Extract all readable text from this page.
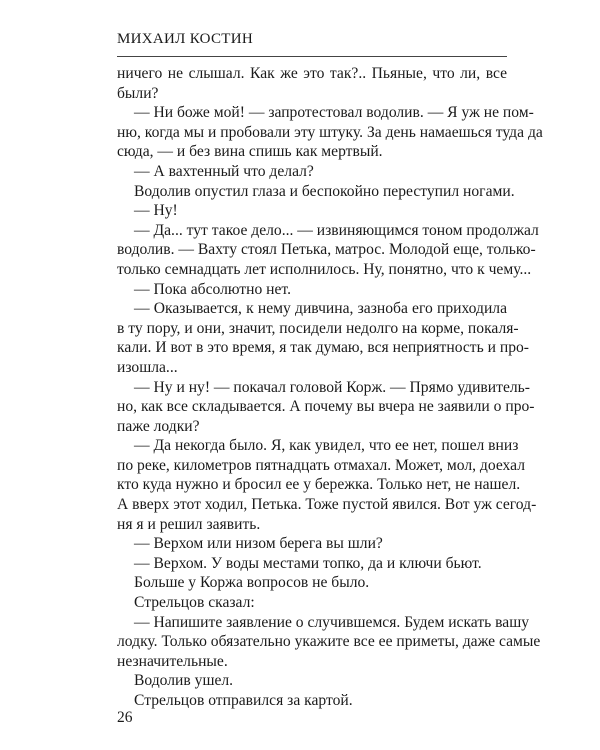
МИХАИЛ КОСТИН
ничего не слышал. Как же это так?.. Пьяные, что ли, все
были?
— Ни боже мой! — запротестовал водолив. — Я уж не пом-
ню, когда мы и пробовали эту штуку. За день намаешься туда да
сюда, — и без вина спишь как мертвый.
— А вахтенный что делал?
Водолив опустил глаза и беспокойно переступил ногами.
— Ну!
— Да... тут такое дело... — извиняющимся тоном продолжал
водолив. — Вахту стоял Петька, матрос. Молодой еще, только-
только семнадцать лет исполнилось. Ну, понятно, что к чему...
— Пока абсолютно нет.
— Оказывается, к нему дивчина, зазноба его приходила
в ту пору, и они, значит, посидели недолго на корме, покаля-
кали. И вот в это время, я так думаю, вся неприятность и про-
изошла...
— Ну и ну! — покачал головой Корж. — Прямо удивитель-
но, как все складывается. А почему вы вчера не заявили о про-
паже лодки?
— Да некогда было. Я, как увидел, что ее нет, пошел вниз
по реке, километров пятнадцать отмахал. Может, мол, доехал
кто куда нужно и бросил ее у бережка. Только нет, не нашел.
А вверх этот ходил, Петька. Тоже пустой явился. Вот уж сегод-
ня я и решил заявить.
— Верхом или низом берега вы шли?
— Верхом. У воды местами топко, да и ключи бьют.
Больше у Коржа вопросов не было.
Стрельцов сказал:
— Напишите заявление о случившемся. Будем искать вашу
лодку. Только обязательно укажите все ее приметы, даже самые
незначительные.
Водолив ушел.
Стрельцов отправился за картой.
26
